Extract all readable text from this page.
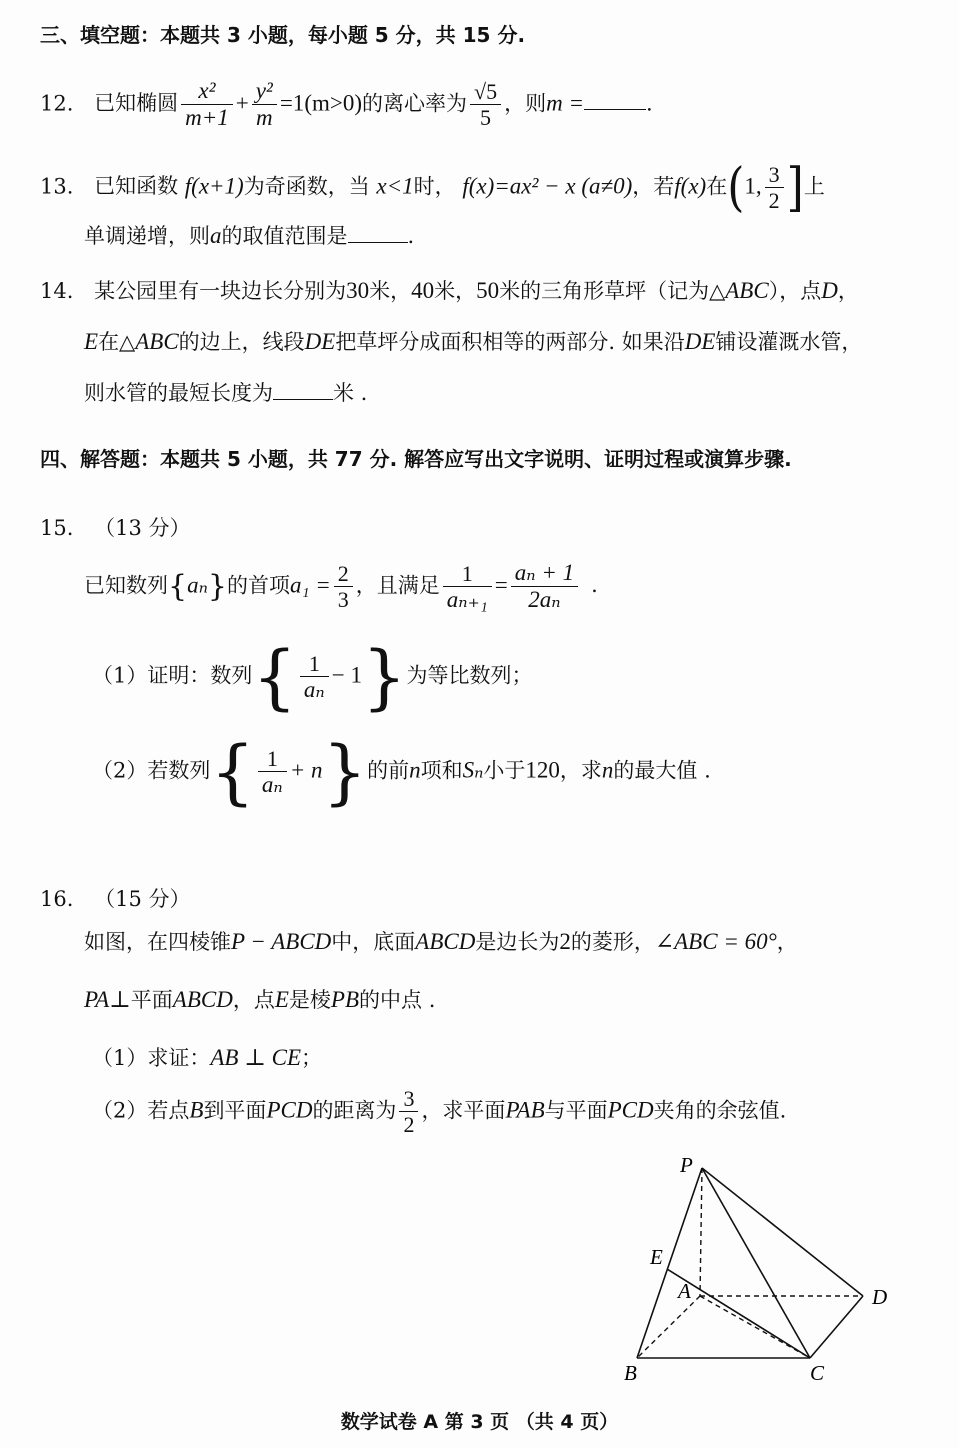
三、填空题：本题共 3 小题，每小题 5 分，共 15 分.
12. 已知椭圆 $\frac{\text{x²}}{m+1} + \frac{\text{y²}}{m} =1(m>0)$的离心率为 $\frac{√5}{5}$ ，则m =	.
13. 已知函数 f(x+1)为奇函数，当 x<1时， f(x)=ax² − x (a≠0)，若f(x)在(1, $\frac{3}{2}$ ]上
单调递增，则a的取值范围是	.
14. 某公园里有一块边长分别为30米，40米，50米的三角形草坪（记为△ABC），点D，
E在△ABC的边上，线段DE把草坪分成面积相等的两部分. 如果沿DE铺设灌溉水管，
则水管的最短长度为	米 .
四、解答题：本题共 5 小题，共 77 分. 解答应写出文字说明、证明过程或演算步骤.
15. （13 分）
已知数列{aₙ}的首项$a_1 = \frac{2}{3}$ ，且满足 $\frac{1}{\text{aₙ₊₁}} = \frac{\text{aₙ + 1}}{\text{2aₙ}}$ .
（1）证明：数列{ $\frac{1}{\text{aₙ}} - 1$}为等比数列；
（2）若数列{ $\frac{1}{\text{aₙ}} + n$}的前n项和Sₙ小于120，求n的最大值 .
16. （15 分）
如图，在四棱锥P − ABCD中，底面ABCD是边长为2的菱形，∠ABC = 60°，
PA⊥平面ABCD，点E是棱PB的中点 .
（1）求证：AB ⊥ CE；
（2）若点B到平面PCD的距离为 $\frac{3}{2}$ ，求平面PAB与平面PCD夹角的余弦值.
P
E
A	D
B	C
数学试卷 A 第 3 页 （共 4 页）
